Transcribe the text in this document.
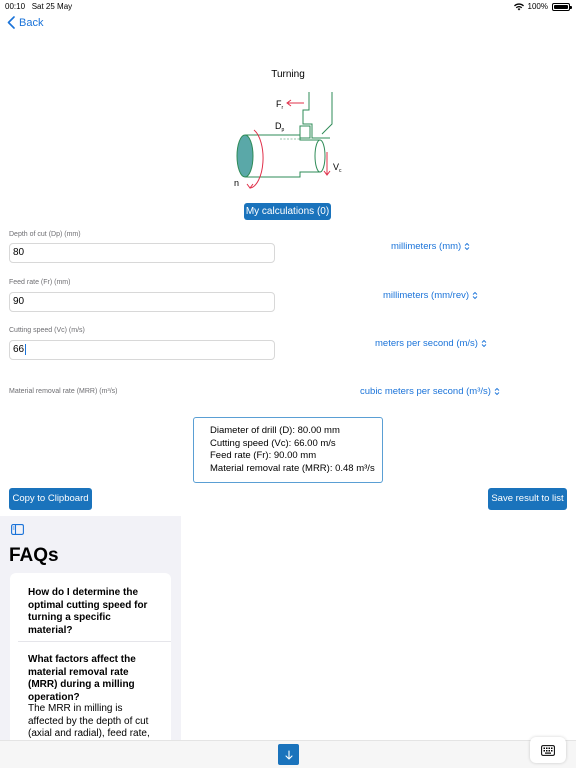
00:10 Sat 25 May	100%
Back
Turning
$F_r$
$D_p$
$V_c$
n
My calculations (0)
Depth of cut (Dp) (mm)
80
millimeters (mm)
Feed rate (Fr) (mm)
90
millimeters (mm/rev)
Cutting speed (Vc) (m/s)
66
meters per second (m/s)
Material removal rate (MRR) (m³/s)	cubic meters per second (m³/s)
Diameter of drill (D): 80.00 mm
Cutting speed (Vc): 66.00 m/s
Feed rate (Fr): 90.00 mm
Material removal rate (MRR): 0.48 m³/s
Copy to Clipboard	Save result to list
FAQs
How do I determine the optimal cutting speed for turning a specific material?
What factors affect the material removal rate (MRR) during a milling operation?
The MRR in milling is affected by the depth of cut (axial and radial), feed rate,
